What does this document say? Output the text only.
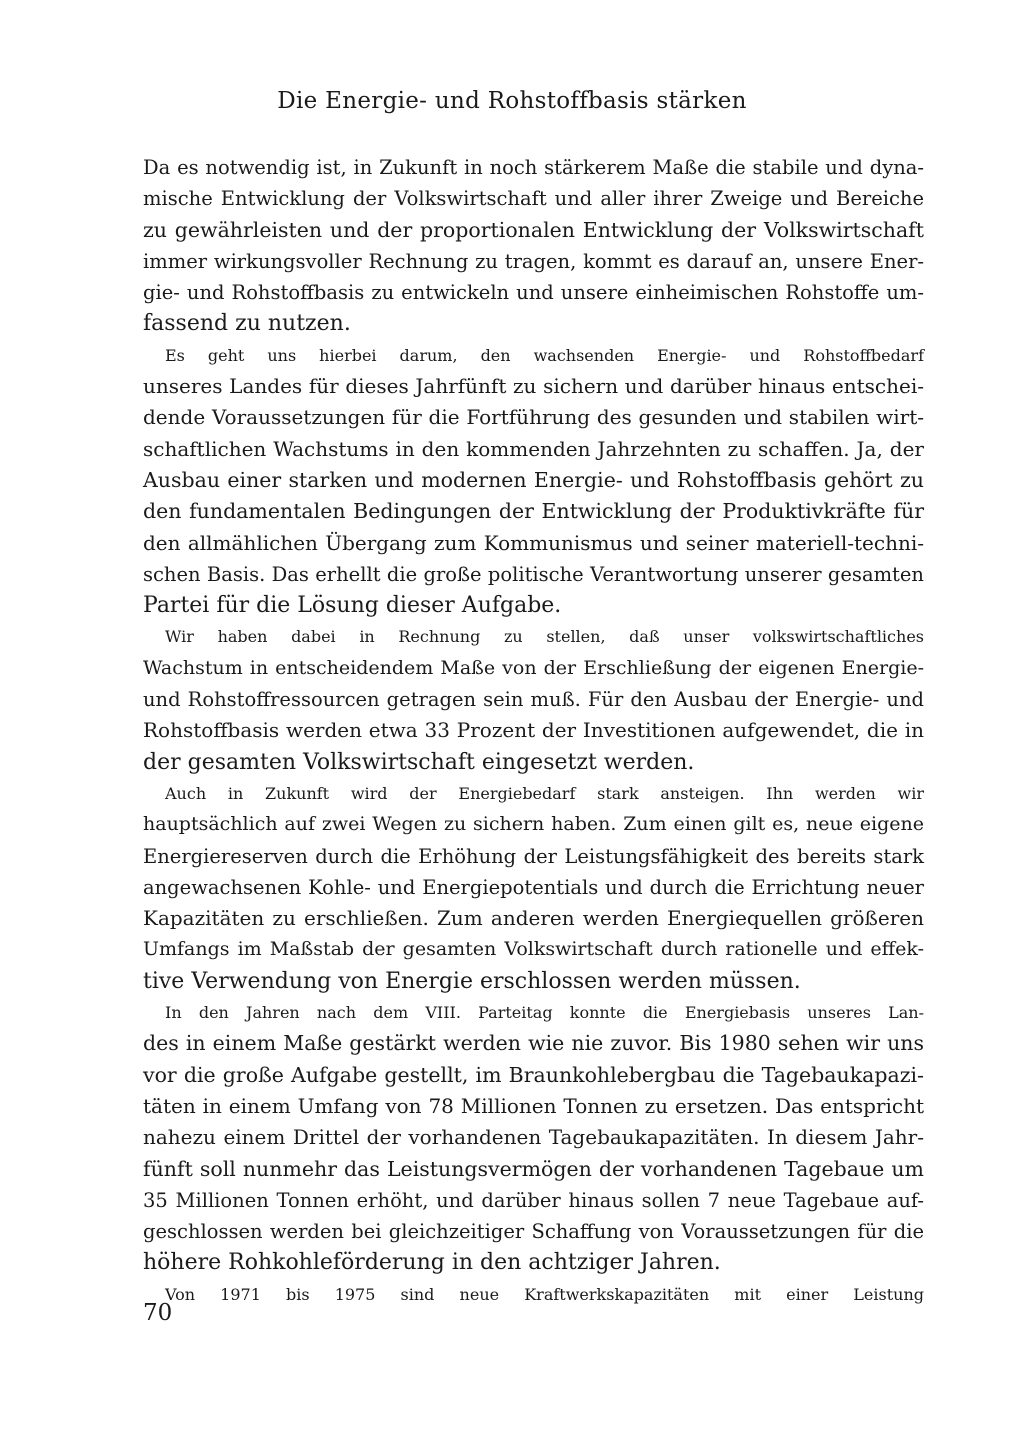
Die Energie- und Rohstoffbasis stärken
Da es notwendig ist, in Zukunft in noch stärkerem Maße die stabile und dyna-
mische Entwicklung der Volkswirtschaft und aller ihrer Zweige und Bereiche
zu gewährleisten und der proportionalen Entwicklung der Volkswirtschaft
immer wirkungsvoller Rechnung zu tragen, kommt es darauf an, unsere Ener-
gie- und Rohstoffbasis zu entwickeln und unsere einheimischen Rohstoffe um-
fassend zu nutzen.
Es geht uns hierbei darum, den wachsenden Energie- und Rohstoffbedarf
unseres Landes für dieses Jahrfünft zu sichern und darüber hinaus entschei-
dende Voraussetzungen für die Fortführung des gesunden und stabilen wirt-
schaftlichen Wachstums in den kommenden Jahrzehnten zu schaffen. Ja, der
Ausbau einer starken und modernen Energie- und Rohstoffbasis gehört zu
den fundamentalen Bedingungen der Entwicklung der Produktivkräfte für
den allmählichen Übergang zum Kommunismus und seiner materiell-techni-
schen Basis. Das erhellt die große politische Verantwortung unserer gesamten
Partei für die Lösung dieser Aufgabe.
Wir haben dabei in Rechnung zu stellen, daß unser volkswirtschaftliches
Wachstum in entscheidendem Maße von der Erschließung der eigenen Energie-
und Rohstoffressourcen getragen sein muß. Für den Ausbau der Energie- und
Rohstoffbasis werden etwa 33 Prozent der Investitionen aufgewendet, die in
der gesamten Volkswirtschaft eingesetzt werden.
Auch in Zukunft wird der Energiebedarf stark ansteigen. Ihn werden wir
hauptsächlich auf zwei Wegen zu sichern haben. Zum einen gilt es, neue eigene
Energiereserven durch die Erhöhung der Leistungsfähigkeit des bereits stark
angewachsenen Kohle- und Energiepotentials und durch die Errichtung neuer
Kapazitäten zu erschließen. Zum anderen werden Energiequellen größeren
Umfangs im Maßstab der gesamten Volkswirtschaft durch rationelle und effek-
tive Verwendung von Energie erschlossen werden müssen.
In den Jahren nach dem VIII. Parteitag konnte die Energiebasis unseres Lan-
des in einem Maße gestärkt werden wie nie zuvor. Bis 1980 sehen wir uns
vor die große Aufgabe gestellt, im Braunkohlebergbau die Tagebaukapazi-
täten in einem Umfang von 78 Millionen Tonnen zu ersetzen. Das entspricht
nahezu einem Drittel der vorhandenen Tagebaukapazitäten. In diesem Jahr-
fünft soll nunmehr das Leistungsvermögen der vorhandenen Tagebaue um
35 Millionen Tonnen erhöht, und darüber hinaus sollen 7 neue Tagebaue auf-
geschlossen werden bei gleichzeitiger Schaffung von Voraussetzungen für die
höhere Rohkohleförderung in den achtziger Jahren.
Von 1971 bis 1975 sind neue Kraftwerkskapazitäten mit einer Leistung
70
